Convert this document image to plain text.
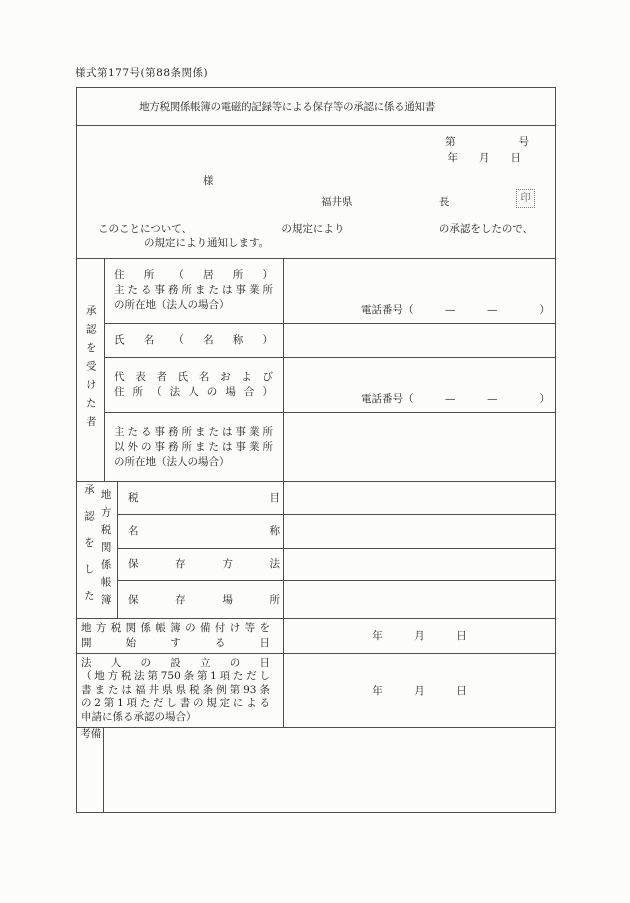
様式第177号(第88条関係)
地方税関係帳簿の電磁的記録等による保存等の承認に係る通知書
第　　　　　　号
年　　月　　日
様
福井県	長	印
このことについて、　　　　　　　　　の規定により　　　　　　　　　の承認をしたので、
の規定により通知します。
承認を受けた者
住所（居所）
主たる事務所または事業所
の所在地（法人の場合）	電話番号（　　　—　　　—　　　　）
氏名（名称）
代表者氏名および
住所（法人の場合）
電話番号（　　　—　　　—　　　　）
主たる事務所または事業所
以外の事務所または事業所
の所在地（法人の場合）
承認をした 地方税関係帳簿 税目
名称
保存方法
保存場所
地方税関係帳簿の備付け等を
開始する日
年　　　月　　　日
法人の設立の日
（地方税法第750条第1項ただし
書または福井県県税条例第93条
の2第1項ただし書の規定による
申請に係る承認の場合）
年　　　月　　　日
備考
